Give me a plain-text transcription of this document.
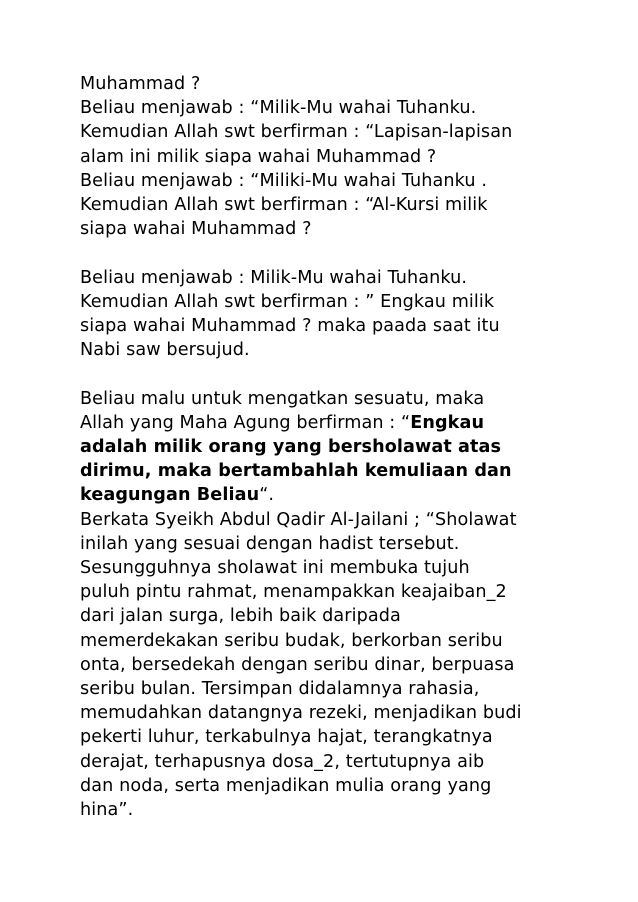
Muhammad ?
Beliau menjawab : “Milik-Mu wahai Tuhanku.
Kemudian Allah swt berfirman : “Lapisan-lapisan
alam ini milik siapa wahai Muhammad ?
Beliau menjawab : “Miliki-Mu wahai Tuhanku .
Kemudian Allah swt berfirman : “Al-Kursi milik
siapa wahai Muhammad ?
Beliau menjawab : Milik-Mu wahai Tuhanku.
Kemudian Allah swt berfirman : ” Engkau milik
siapa wahai Muhammad ? maka paada saat itu
Nabi saw bersujud.
Beliau malu untuk mengatkan sesuatu, maka
Allah yang Maha Agung berfirman : “Engkau
adalah milik orang yang bersholawat atas
dirimu, maka bertambahlah kemuliaan dan
keagungan Beliau“.
Berkata Syeikh Abdul Qadir Al-Jailani ; “Sholawat
inilah yang sesuai dengan hadist tersebut.
Sesungguhnya sholawat ini membuka tujuh
puluh pintu rahmat, menampakkan keajaiban_2
dari jalan surga, lebih baik daripada
memerdekakan seribu budak, berkorban seribu
onta, bersedekah dengan seribu dinar, berpuasa
seribu bulan. Tersimpan didalamnya rahasia,
memudahkan datangnya rezeki, menjadikan budi
pekerti luhur, terkabulnya hajat, terangkatnya
derajat, terhapusnya dosa_2, tertutupnya aib
dan noda, serta menjadikan mulia orang yang
hina”.
